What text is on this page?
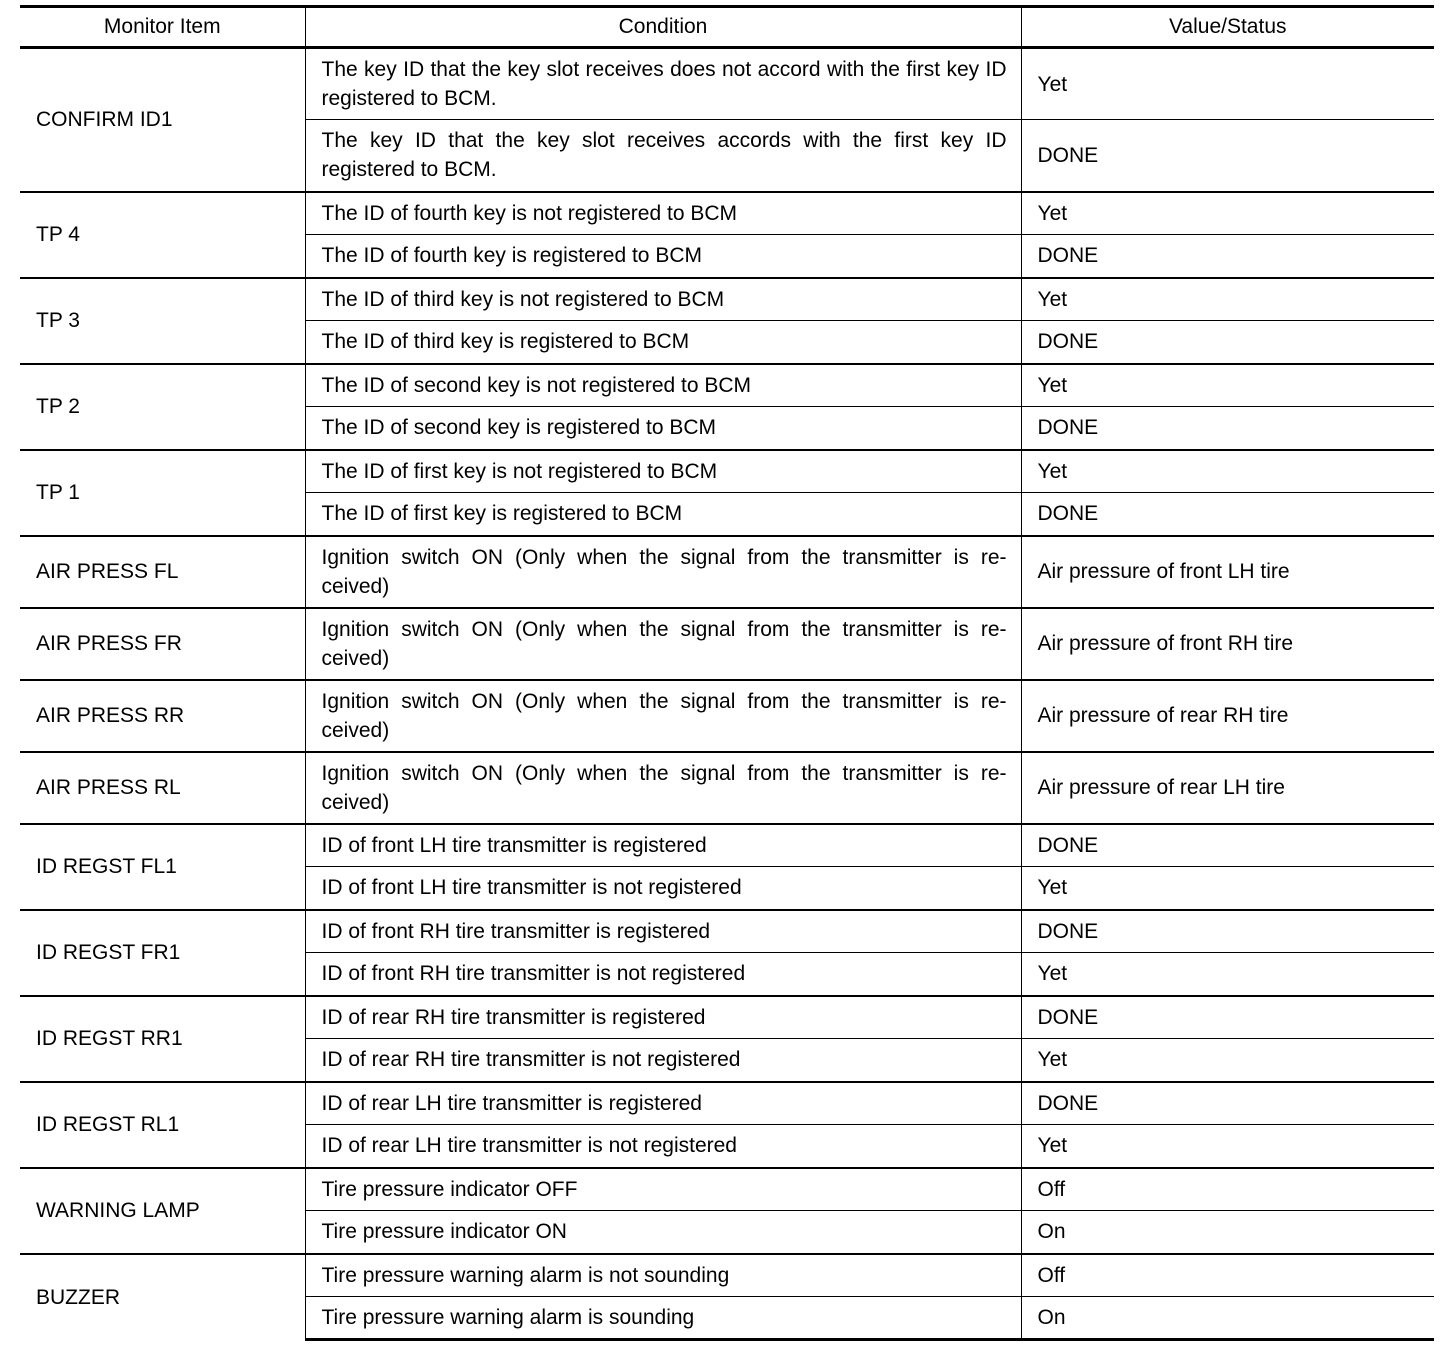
Monitor Item	Condition	Value/Status
CONFIRM ID1	The key ID that the key slot receives does not accord with the first key ID registered to BCM.	Yet
	The key ID that the key slot receives accords with the first key ID registered to BCM.	DONE
TP 4	The ID of fourth key is not registered to BCM	Yet
	The ID of fourth key is registered to BCM	DONE
TP 3	The ID of third key is not registered to BCM	Yet
	The ID of third key is registered to BCM	DONE
TP 2	The ID of second key is not registered to BCM	Yet
	The ID of second key is registered to BCM	DONE
TP 1	The ID of first key is not registered to BCM	Yet
	The ID of first key is registered to BCM	DONE
AIR PRESS FL	Ignition switch ON (Only when the signal from the transmitter is re-ceived)	Air pressure of front LH tire
AIR PRESS FR	Ignition switch ON (Only when the signal from the transmitter is re-ceived)	Air pressure of front RH tire
AIR PRESS RR	Ignition switch ON (Only when the signal from the transmitter is re-ceived)	Air pressure of rear RH tire
AIR PRESS RL	Ignition switch ON (Only when the signal from the transmitter is re-ceived)	Air pressure of rear LH tire
ID REGST FL1	ID of front LH tire transmitter is registered	DONE
	ID of front LH tire transmitter is not registered	Yet
ID REGST FR1	ID of front RH tire transmitter is registered	DONE
	ID of front RH tire transmitter is not registered	Yet
ID REGST RR1	ID of rear RH tire transmitter is registered	DONE
	ID of rear RH tire transmitter is not registered	Yet
ID REGST RL1	ID of rear LH tire transmitter is registered	DONE
	ID of rear LH tire transmitter is not registered	Yet
WARNING LAMP	Tire pressure indicator OFF	Off
	Tire pressure indicator ON	On
BUZZER	Tire pressure warning alarm is not sounding	Off
	Tire pressure warning alarm is sounding	On
